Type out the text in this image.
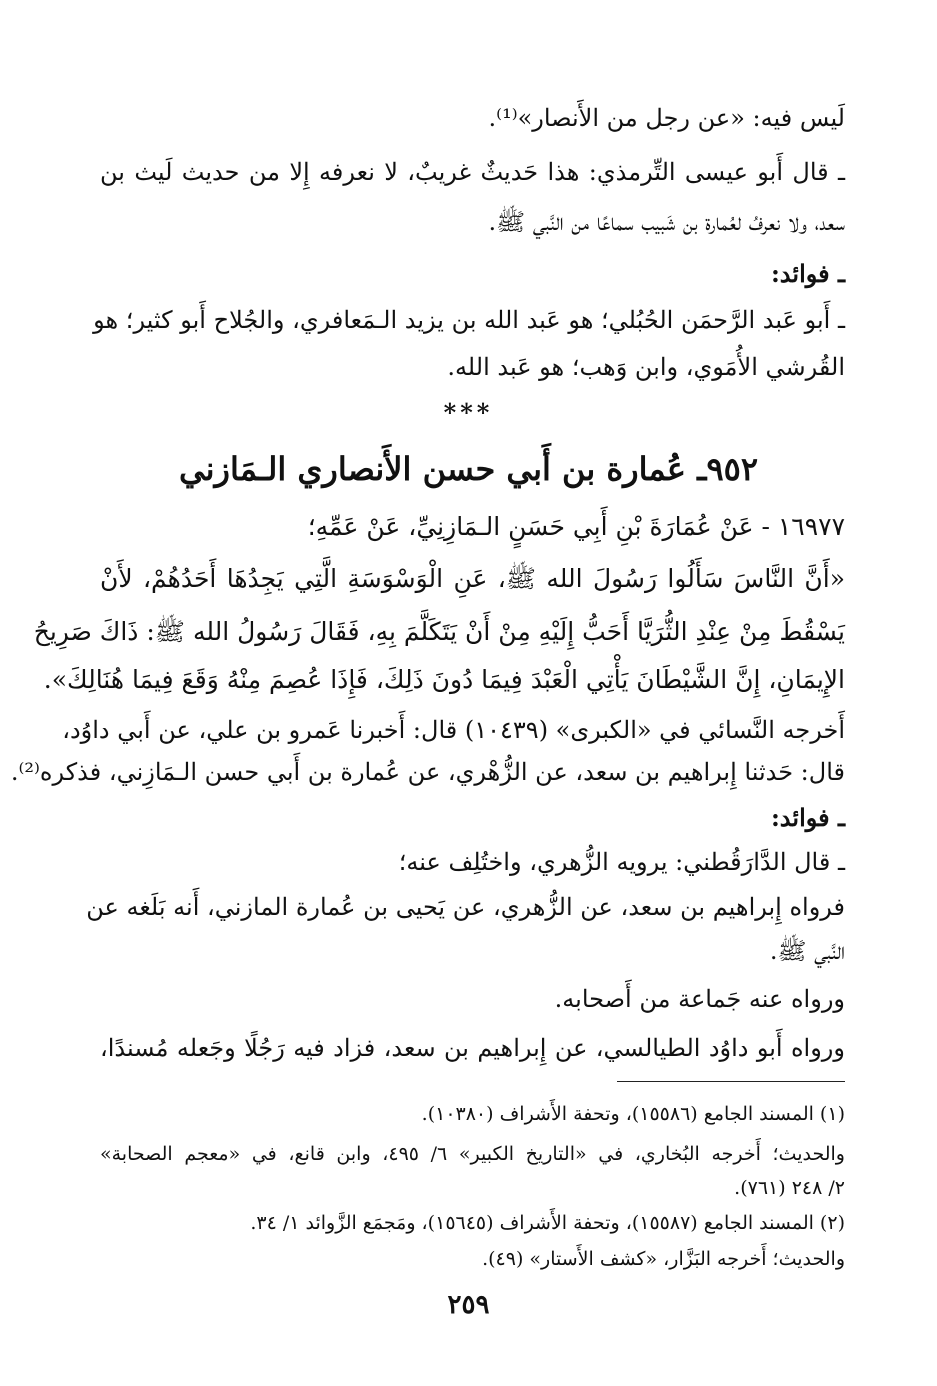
لَيس فيه: «عن رجل من الأَنصار»⁽¹⁾.
ـ قال أَبو عيسى التِّرمذي: هذا حَديثٌ غريبٌ، لا نعرفه إِلا من حديث لَيث بن
سعد، ولا نعرفُ لعُمارة بن شَبيب سماعًا من النَّبي ﷺ.
ـ فوائد:
ـ أَبو عَبد الرَّحمَن الحُبُلي؛ هو عَبد الله بن يزيد الـمَعافري، والجُلاح أَبو كثير؛ هو
القُرشي الأُمَوي، وابن وَهب؛ هو عَبد الله.
***
٩٥٢ـ عُمارة بن أَبي حسن الأَنصاري الـمَازني
١٦٩٧٧ - عَنْ عُمَارَةَ بْنِ أَبِي حَسَنٍ الـمَازِنِيِّ، عَنْ عَمِّهِ؛
«أَنَّ النَّاسَ سَأَلُوا رَسُولَ الله ﷺ، عَنِ الْوَسْوَسَةِ الَّتِي يَجِدُهَا أَحَدُهُمْ، لأَنْ
يَسْقُطَ مِنْ عِنْدِ الثُّرَيَّا أَحَبُّ إِلَيْهِ مِنْ أَنْ يَتَكَلَّمَ بِهِ، فَقَالَ رَسُولُ الله ﷺ: ذَاكَ صَرِيحُ
الإِيمَانِ، إِنَّ الشَّيْطَانَ يَأْتِي الْعَبْدَ فِيمَا دُونَ ذَلِكَ، فَإِذَا عُصِمَ مِنْهُ وَقَعَ فِيمَا هُنَالِكَ».
أَخرجه النَّسائي في «الكبرى» (١٠٤٣٩) قال: أَخبرنا عَمرو بن علي، عن أَبي داوُد،
قال: حَدثنا إِبراهيم بن سعد، عن الزُّهْري، عن عُمارة بن أَبي حسن الـمَازِني، فذكره⁽²⁾.
ـ فوائد:
ـ قال الدَّارَقُطني: يرويه الزُّهري، واختُلِف عنه؛
فرواه إِبراهيم بن سعد، عن الزُّهري، عن يَحيى بن عُمارة المازني، أَنه بَلَغه عن
النَّبي ﷺ.
ورواه عنه جَماعة من أَصحابه.
ورواه أَبو داوُد الطيالسي، عن إِبراهيم بن سعد، فزاد فيه رَجُلًا وجَعله مُسندًا،
(١) المسند الجامع (١٥٥٨٦)، وتحفة الأَشراف (١٠٣٨٠).
والحديث؛ أَخرجه البُخاري، في «التاريخ الكبير» ٦/ ٤٩٥، وابن قانع، في «معجم الصحابة»
٢/ ٢٤٨ (٧٦١).
(٢) المسند الجامع (١٥٥٨٧)، وتحفة الأَشراف (١٥٦٤٥)، ومَجمَع الزَّوائد ١/ ٣٤.
والحديث؛ أَخرجه البَزَّار، «كشف الأَستار» (٤٩).
٢٥٩
